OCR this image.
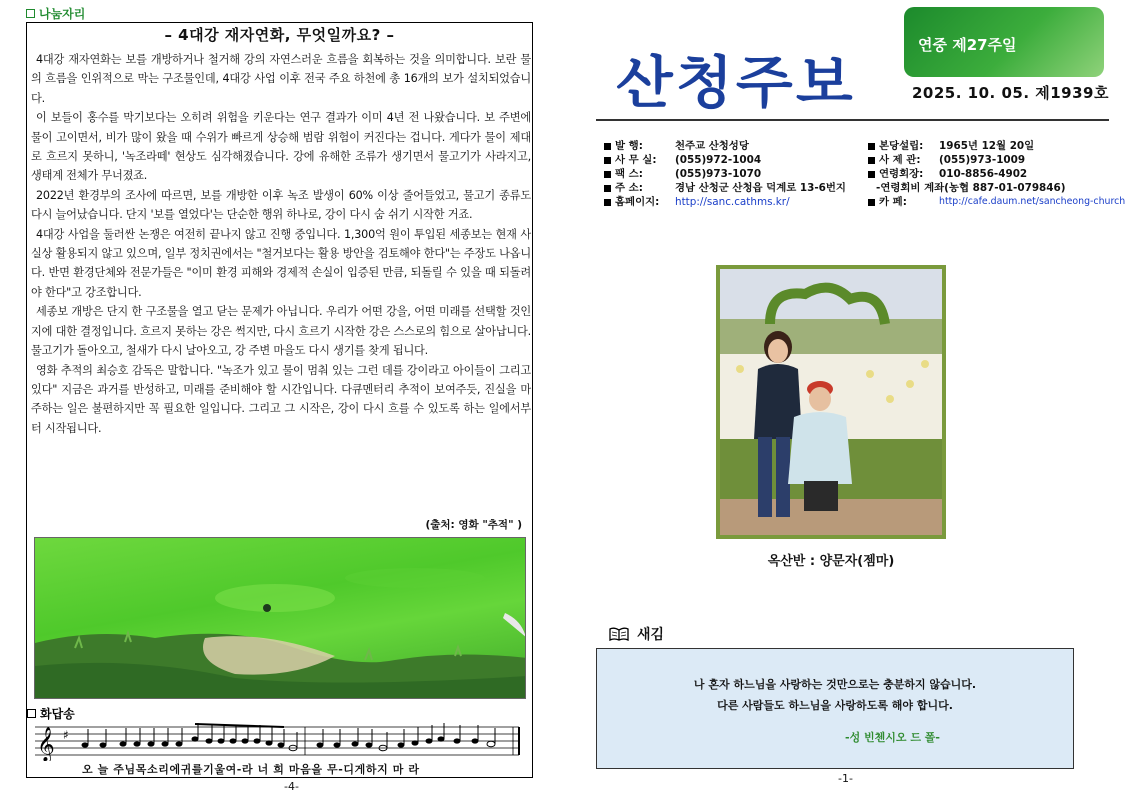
나눔자리
– 4대강 재자연화, 무엇일까요? –

4대강 재자연화는 보를 개방하거나 철거해 강의 자연스러운 흐름을 회복하는 것을 의미합니다. 보란 물의 흐름을 인위적으로 막는 구조물인데, 4대강 사업 이후 전국 주요 하천에 총 16개의 보가 설치되었습니다.

이 보들이 홍수를 막기보다는 오히려 위험을 키운다는 연구 결과가 이미 4년 전 나왔습니다. 보 주변에 물이 고이면서, 비가 많이 왔을 때 수위가 빠르게 상승해 범람 위험이 커진다는 겁니다. 게다가 물이 제대로 흐르지 못하니, '녹조라떼' 현상도 심각해졌습니다. 강에 유해한 조류가 생기면서 물고기가 사라지고, 생태계 전체가 무너졌죠.

2022년 환경부의 조사에 따르면, 보를 개방한 이후 녹조 발생이 60% 이상 줄어들었고, 물고기 종류도 다시 늘어났습니다. 단지 '보를 열었다'는 단순한 행위 하나로, 강이 다시 숨 쉬기 시작한 거죠.

4대강 사업을 둘러싼 논쟁은 여전히 끝나지 않고 진행 중입니다. 1,300억 원이 투입된 세종보는 현재 사실상 활용되지 않고 있으며, 일부 정치권에서는 "철거보다는 활용 방안을 검토해야 한다"는 주장도 나옵니다. 반면 환경단체와 전문가들은 "이미 환경 피해와 경제적 손실이 입증된 만큼, 되돌릴 수 있을 때 되돌려야 한다"고 강조합니다.

세종보 개방은 단지 한 구조물을 열고 닫는 문제가 아닙니다. 우리가 어떤 강을, 어떤 미래를 선택할 것인지에 대한 결정입니다. 흐르지 못하는 강은 썩지만, 다시 흐르기 시작한 강은 스스로의 힘으로 살아납니다. 물고기가 돌아오고, 철새가 다시 날아오고, 강 주변 마을도 다시 생기를 찾게 됩니다.

영화 추적의 최승호 감독은 말합니다. "녹조가 있고 물이 멈춰 있는 그런 데를 강이라고 아이들이 그리고 있다" 지금은 과거를 반성하고, 미래를 준비해야 할 시간입니다. 다큐멘터리 추적이 보여주듯, 진실을 마주하는 일은 불편하지만 꼭 필요한 일입니다. 그리고 그 시작은, 강이 다시 흐를 수 있도록 하는 일에서부터 시작됩니다.

(출처: 영화 "추적" )
화답송
𝄞 ♯
오 늘 주님목소리에귀를기울여-라 너 희 마음을 무-디게하지 마 라
-4-
연중 제27주일
산청주보	2025. 10. 05. 제1939호
발 행:	천주교 산청성당
사 무 실:	(055)972-1004
팩 스:	(055)973-1070
주 소:	경남 산청군 산청읍 덕계로 13-6번지
홈페이지:	http://sanc.cathms.kr/
본당설립:	1965년 12월 20일
사 제 관:	(055)973-1009
연령회장:	010-8856-4902
-연령회비 계좌(농협 887-01-079846)
카 페:	http://cafe.daum.net/sancheong-church
옥산반 : 양문자(젬마)
새김
나 혼자 하느님을 사랑하는 것만으로는 충분하지 않습니다.
다른 사람들도 하느님을 사랑하도록 해야 합니다.
-성 빈첸시오 드 폴-
-1-
